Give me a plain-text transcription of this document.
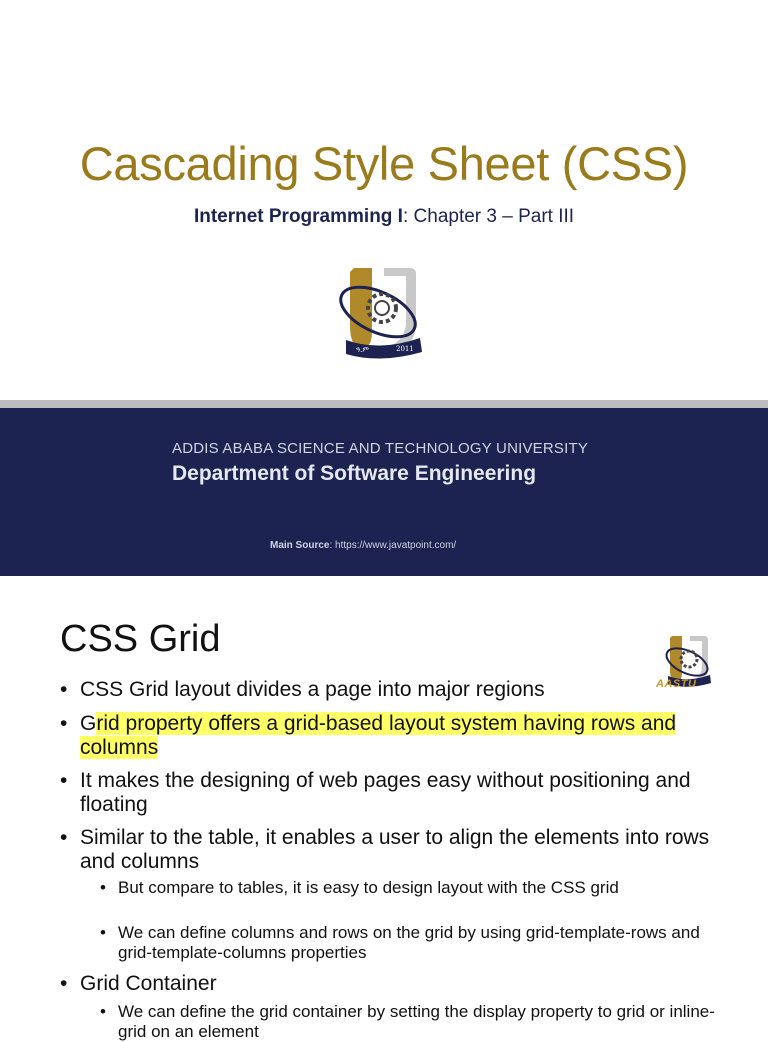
Cascading Style Sheet (CSS)
Internet Programming I: Chapter 3 – Part III
ዓ.ም	2011
ADDIS ABABA SCIENCE AND TECHNOLOGY UNIVERSITY
Department of Software Engineering
Main Source: https://www.javatpoint.com/
CSS Grid
AASTU
• CSS Grid layout divides a page into major regions
• Grid property offers a grid-based layout system having rows and columns
• It makes the designing of web pages easy without positioning and floating
• Similar to the table, it enables a user to align the elements into rows and columns
• But compare to tables, it is easy to design layout with the CSS grid
• We can define columns and rows on the grid by using grid-template-rows and grid-template-columns properties
• Grid Container
• We can define the grid container by setting the display property to grid or inline-grid on an element
